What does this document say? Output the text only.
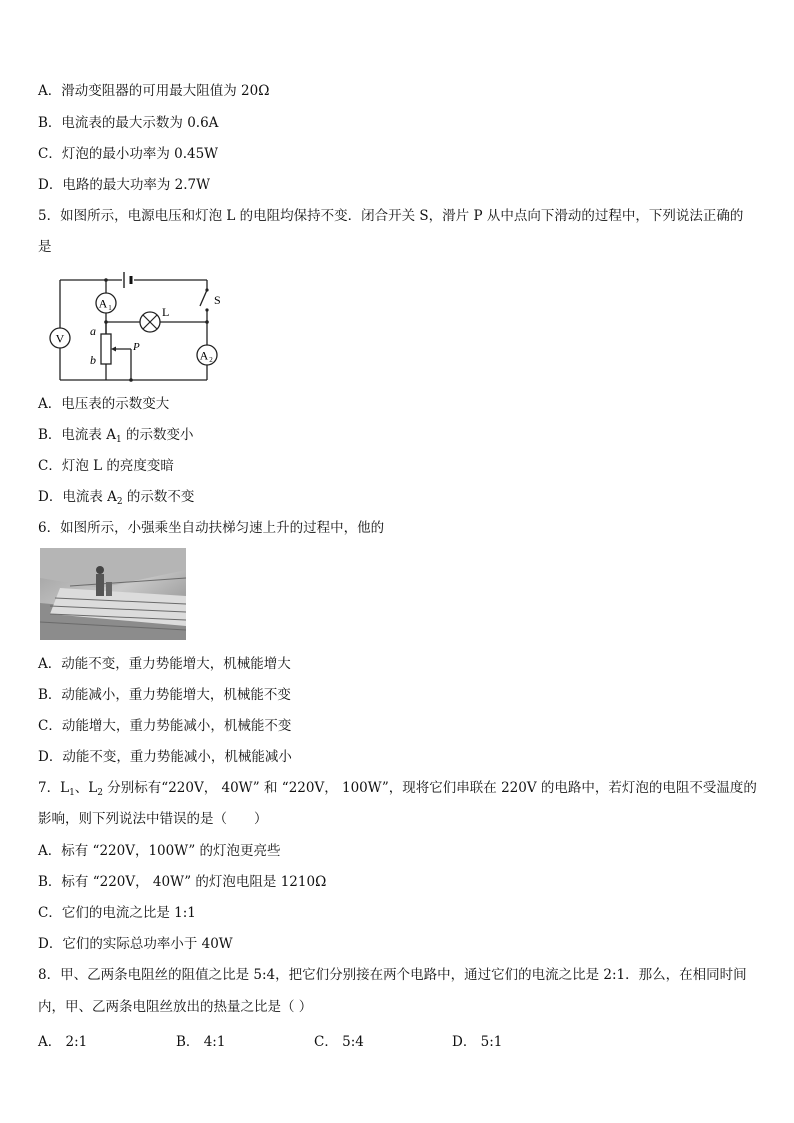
A．滑动变阻器的可用最大阻值为 20Ω
B．电流表的最大示数为 0.6A
C．灯泡的最小功率为 0.45W
D．电路的最大功率为 2.7W
5．如图所示，电源电压和灯泡 L 的电阻均保持不变．闭合开关 S，滑片 P 从中点向下滑动的过程中，下列说法正确的
是
V
A 1	L
S
A 2
a
b
P
A．电压表的示数变大
B．电流表 $A_1$ 的示数变小
C．灯泡 L 的亮度变暗
D．电流表 $A_2$ 的示数不变
6．如图所示，小强乘坐自动扶梯匀速上升的过程中，他的
A．动能不变，重力势能增大，机械能增大
B．动能减小，重力势能增大，机械能不变
C．动能增大，重力势能减小，机械能不变
D．动能不变，重力势能减小，机械能减小
7．$L_1$、$L_2$ 分别标有“220V， 40W” 和 “220V， 100W”，现将它们串联在 220V 的电路中，若灯泡的电阻不受温度的
影响，则下列说法中错误的是（　　）
A．标有 “220V，100W” 的灯泡更亮些
B．标有 “220V， 40W” 的灯泡电阻是 1210Ω
C．它们的电流之比是 1:1
D．它们的实际总功率小于 40W
8．甲、乙两条电阻丝的阻值之比是 5:4，把它们分别接在两个电路中，通过它们的电流之比是 2:1．那么，在相同时间
内，甲、乙两条电阻丝放出的热量之比是（ ）
A． 2:1	B． 4:1	C． 5:4	D． 5:1
